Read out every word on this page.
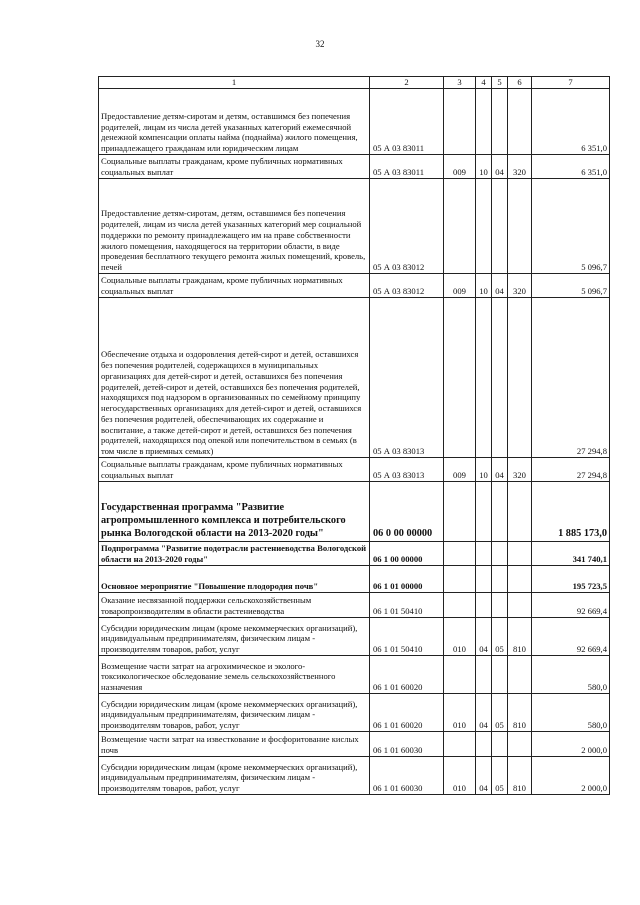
32
1	2	3	4	5	6	7
Предоставление детям-сиротам и детям, оставшимся без попечения родителей, лицам из числа детей указанных категорий ежемесячной денежной компенсации оплаты найма (поднайма) жилого помещения, принадлежащего гражданам или юридическим лицам	05 А 03 83011					6 351,0
Социальные выплаты гражданам, кроме публичных нормативных социальных выплат	05 А 03 83011	009	10	04	320	6 351,0
Предоставление детям-сиротам, детям, оставшимся без попечения родителей, лицам из числа детей указанных категорий мер социальной поддержки по ремонту принадлежащего им на праве собственности жилого помещения, находящегося на территории области, в виде проведения бесплатного текущего ремонта жилых помещений, кровель, печей	05 А 03 83012					5 096,7
Социальные выплаты гражданам, кроме публичных нормативных социальных выплат	05 А 03 83012	009	10	04	320	5 096,7
Обеспечение отдыха и оздоровления детей-сирот и детей, оставшихся без попечения родителей, содержащихся в муниципальных организациях для детей-сирот и детей, оставшихся без попечения родителей, детей-сирот и детей, оставшихся без попечения родителей, находящихся под надзором в организованных по семейному принципу негосударственных организациях для детей-сирот и детей, оставшихся без попечения родителей, обеспечивающих их содержание и воспитание, а также детей-сирот и детей, оставшихся без попечения родителей, находящихся под опекой или попечительством в семьях (в том числе в приемных семьях)	05 А 03 83013					27 294,8
Социальные выплаты гражданам, кроме публичных нормативных социальных выплат	05 А 03 83013	009	10	04	320	27 294,8
Государственная программа "Развитие агропромышленного комплекса и потребительского рынка Вологодской области на 2013-2020 годы"	06 0 00 00000					1 885 173,0
Подпрограмма "Развитие подотрасли растениеводства Вологодской области на 2013-2020 годы"	06 1 00 00000					341 740,1
Основное мероприятие "Повышение плодородия почв"	06 1 01 00000					195 723,5
Оказание несвязанной поддержки сельскохозяйственным товаропроизводителям в области растениеводства	06 1 01 50410					92 669,4
Субсидии юридическим лицам (кроме некоммерческих организаций), индивидуальным предпринимателям, физическим лицам - производителям товаров, работ, услуг	06 1 01 50410	010	04	05	810	92 669,4
Возмещение части затрат на агрохимическое и эколого-токсикологическое обследование земель сельскохозяйственного назначения	06 1 01 60020					580,0
Субсидии юридическим лицам (кроме некоммерческих организаций), индивидуальным предпринимателям, физическим лицам - производителям товаров, работ, услуг	06 1 01 60020	010	04	05	810	580,0
Возмещение части затрат на известкование и фосфоритование кислых почв	06 1 01 60030					2 000,0
Субсидии юридическим лицам (кроме некоммерческих организаций), индивидуальным предпринимателям, физическим лицам - производителям товаров, работ, услуг	06 1 01 60030	010	04	05	810	2 000,0
